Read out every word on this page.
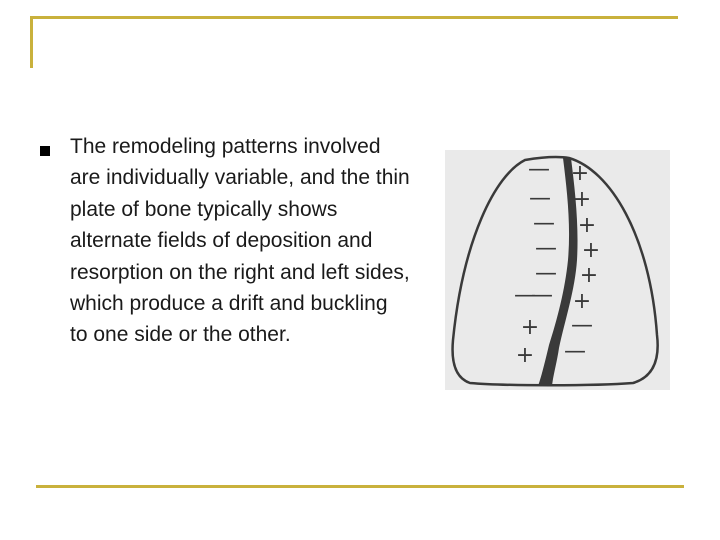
The remodeling patterns involved are individually variable, and the thin plate of bone typically shows alternate fields of deposition and resorption on the right and left sides, which produce a drift and buckling to one side or the other.
—
—
—
—
—
—
—
+
+
+
+
+
+
+
+
—
—
